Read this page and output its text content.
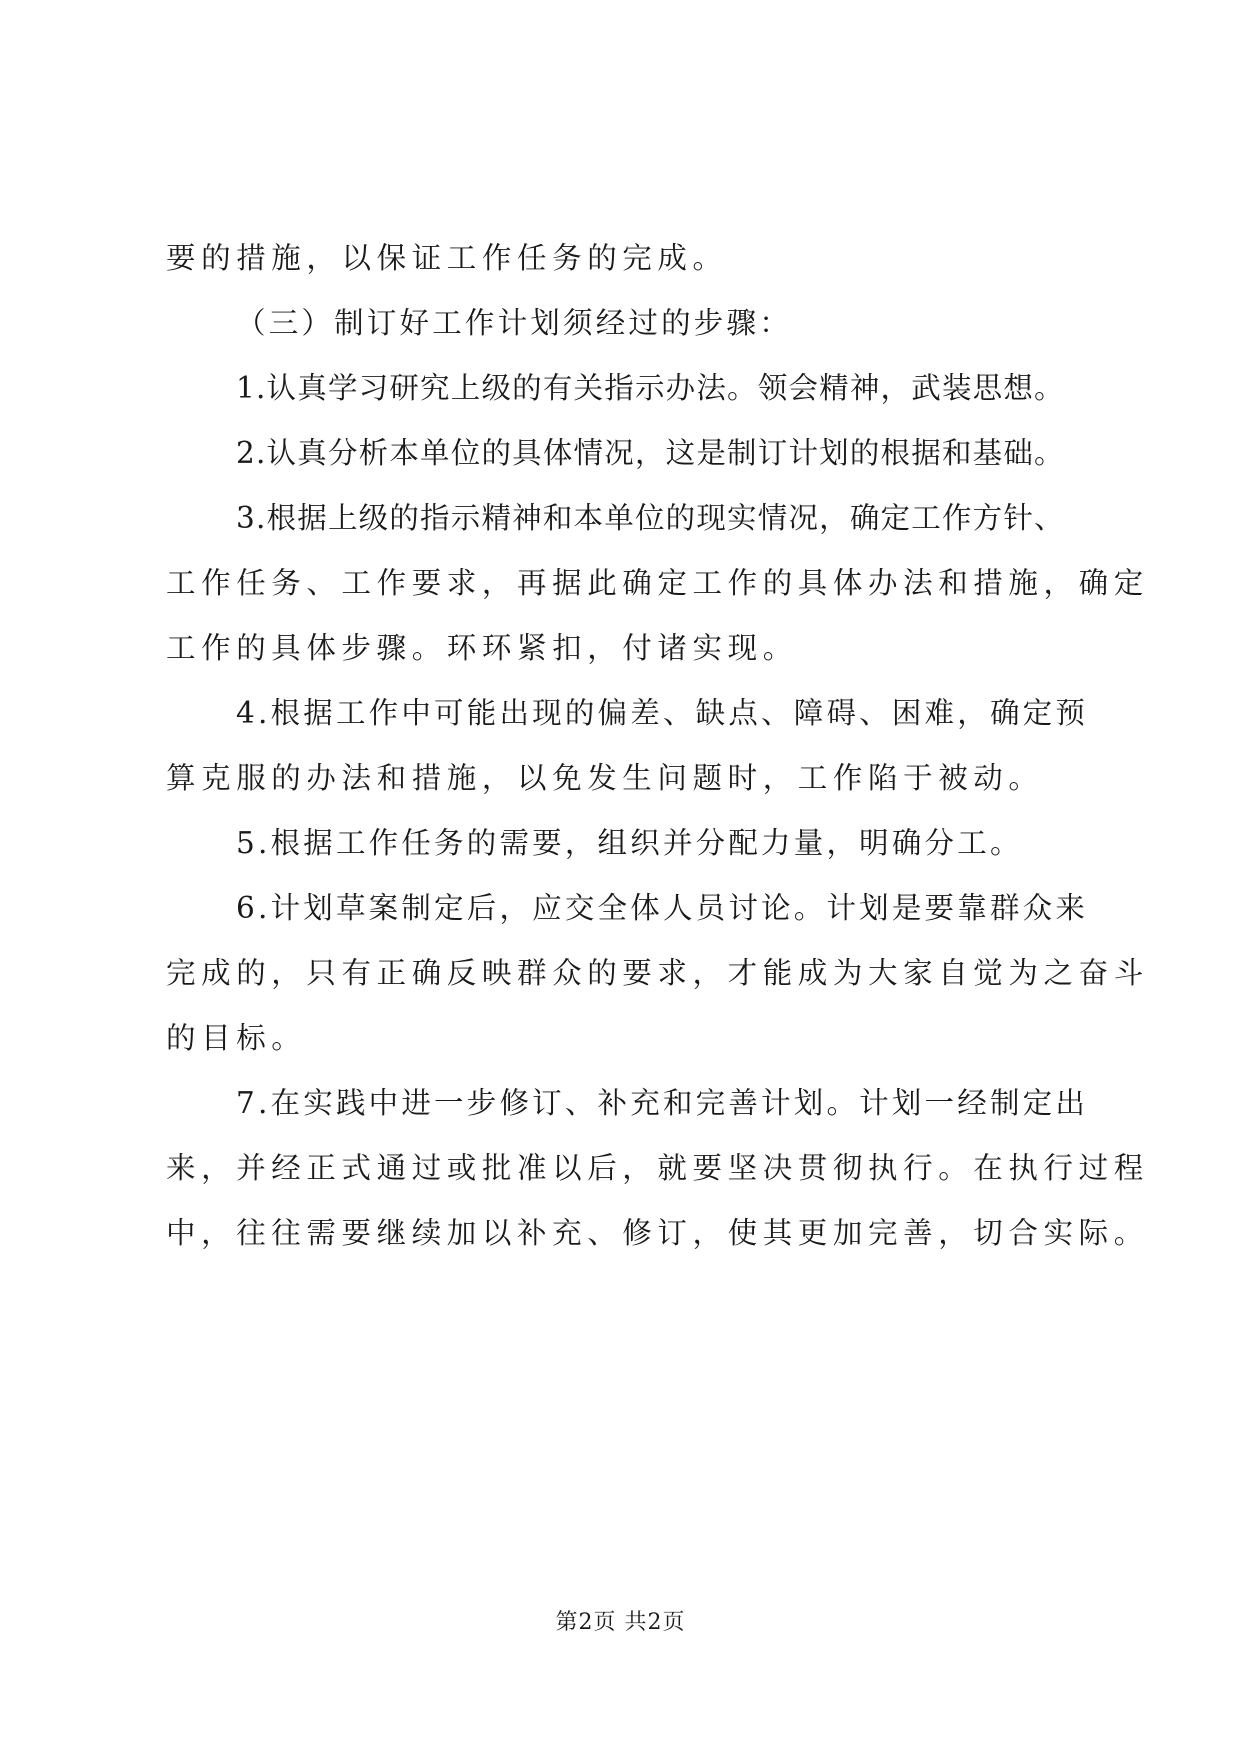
要的措施，以保证工作任务的完成。
（三）制订好工作计划须经过的步骤：
1.认真学习研究上级的有关指示办法。领会精神，武装思想。
2.认真分析本单位的具体情况，这是制订计划的根据和基础。
3.根据上级的指示精神和本单位的现实情况，确定工作方针、
工作任务、工作要求，再据此确定工作的具体办法和措施，确定
工作的具体步骤。环环紧扣，付诸实现。
4.根据工作中可能出现的偏差、缺点、障碍、困难，确定预
算克服的办法和措施，以免发生问题时，工作陷于被动。
5.根据工作任务的需要，组织并分配力量，明确分工。
6.计划草案制定后，应交全体人员讨论。计划是要靠群众来
完成的，只有正确反映群众的要求，才能成为大家自觉为之奋斗
的目标。
7.在实践中进一步修订、补充和完善计划。计划一经制定出
来，并经正式通过或批准以后，就要坚决贯彻执行。在执行过程
中，往往需要继续加以补充、修订，使其更加完善，切合实际。
第2页 共2页
